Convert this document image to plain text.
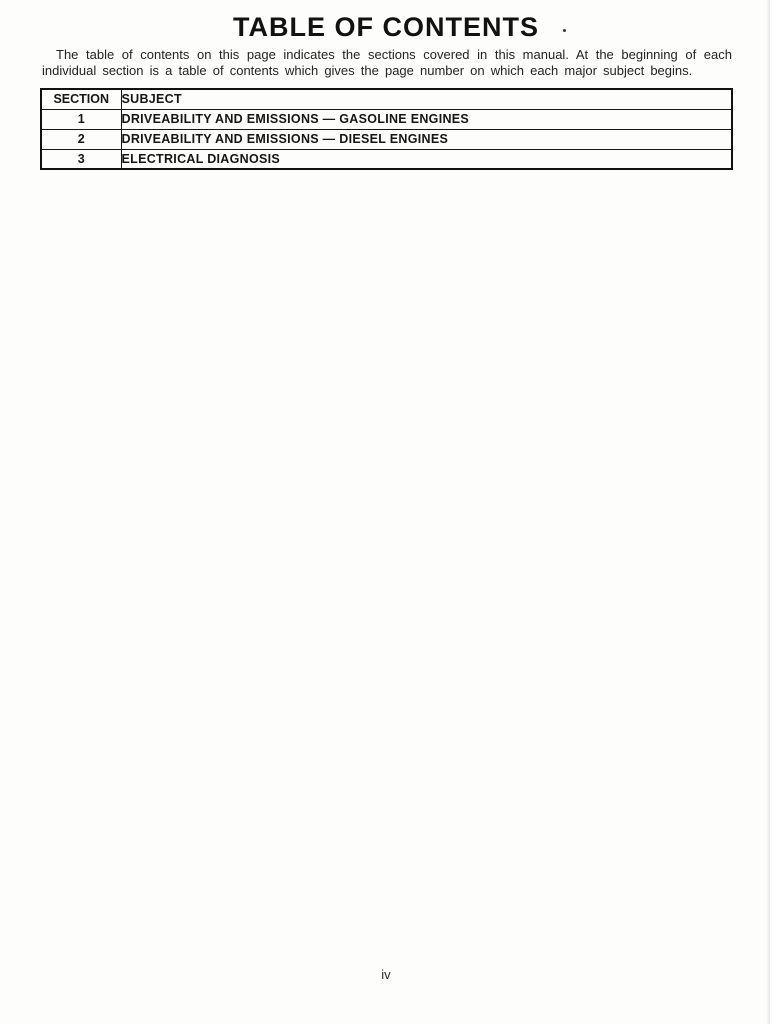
TABLE OF CONTENTS

The table of contents on this page indicates the sections covered in this manual. At the beginning of each individual section is a table of contents which gives the page number on which each major subject begins.

SECTION	SUBJECT
1	DRIVEABILITY AND EMISSIONS — GASOLINE ENGINES
2	DRIVEABILITY AND EMISSIONS — DIESEL ENGINES
3	ELECTRICAL DIAGNOSIS
iv
